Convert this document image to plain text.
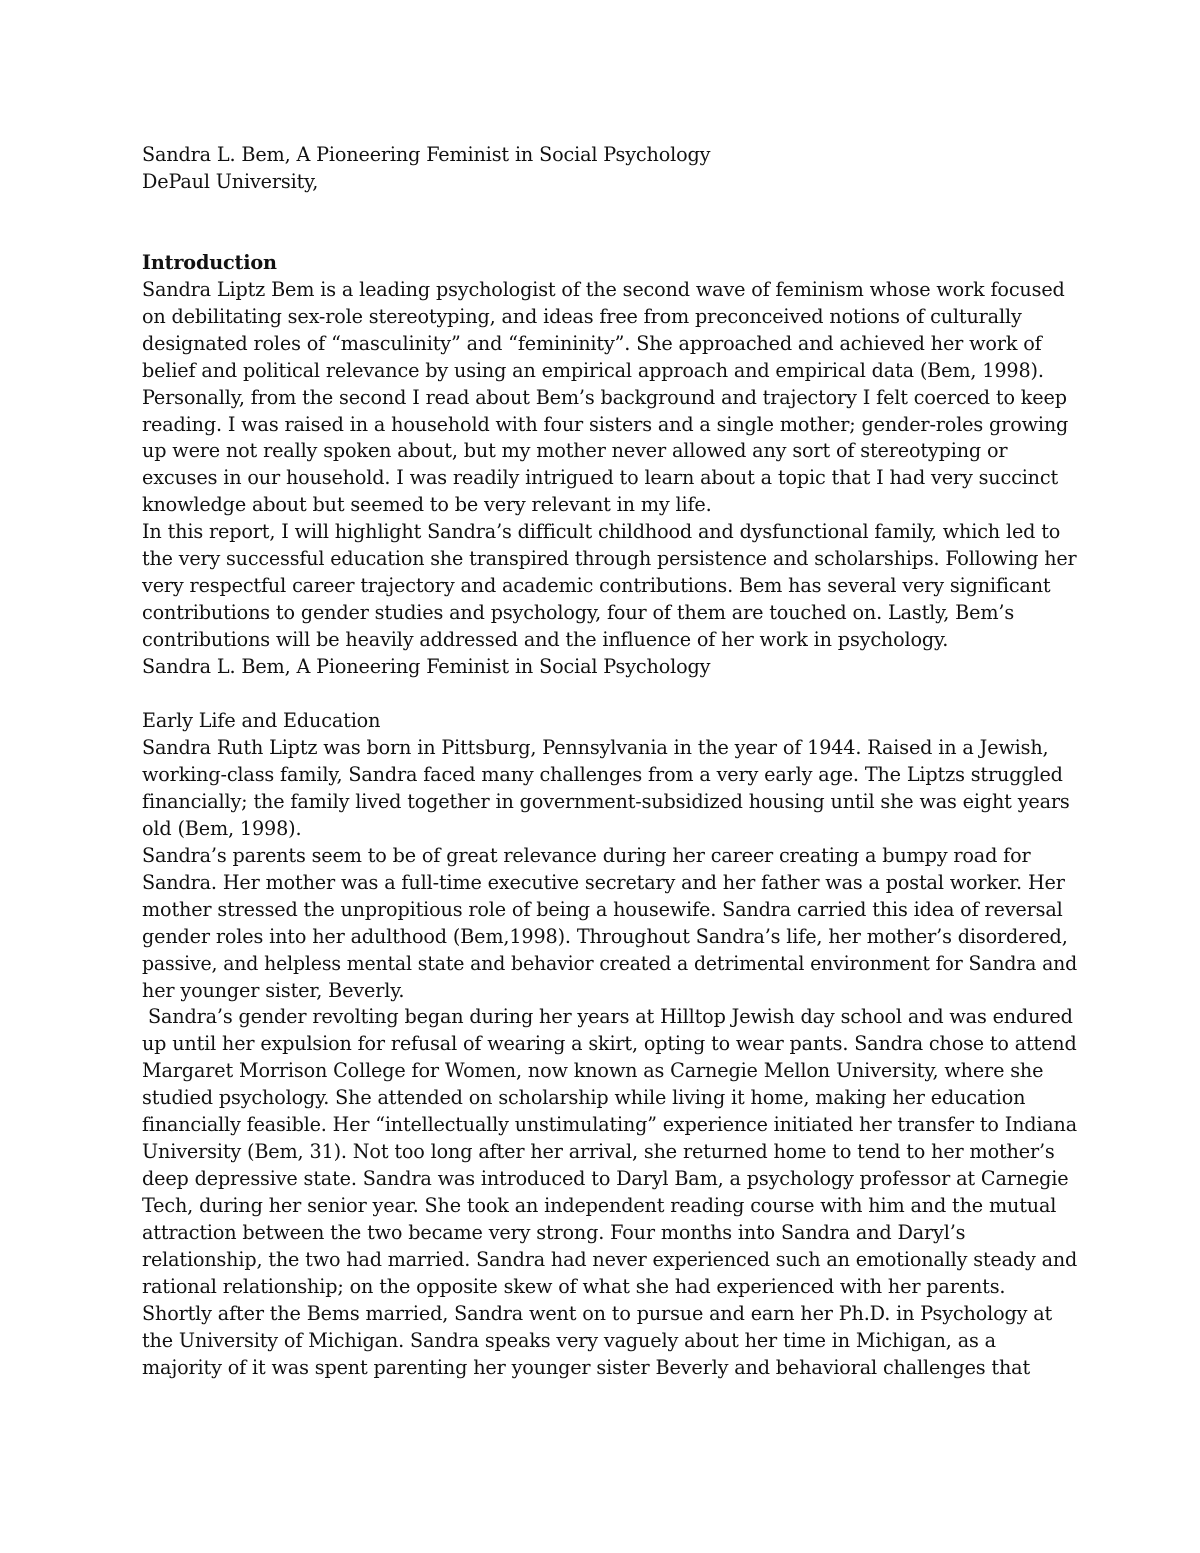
Sandra L. Bem, A Pioneering Feminist in Social Psychology
DePaul University,
Introduction
Sandra Liptz Bem is a leading psychologist of the second wave of feminism whose work focused
on debilitating sex-role stereotyping, and ideas free from preconceived notions of culturally
designated roles of “masculinity” and “femininity”. She approached and achieved her work of
belief and political relevance by using an empirical approach and empirical data (Bem, 1998).
Personally, from the second I read about Bem’s background and trajectory I felt coerced to keep
reading. I was raised in a household with four sisters and a single mother; gender-roles growing
up were not really spoken about, but my mother never allowed any sort of stereotyping or
excuses in our household. I was readily intrigued to learn about a topic that I had very succinct
knowledge about but seemed to be very relevant in my life.
In this report, I will highlight Sandra’s difficult childhood and dysfunctional family, which led to
the very successful education she transpired through persistence and scholarships. Following her
very respectful career trajectory and academic contributions. Bem has several very significant
contributions to gender studies and psychology, four of them are touched on. Lastly, Bem’s
contributions will be heavily addressed and the influence of her work in psychology.
Sandra L. Bem, A Pioneering Feminist in Social Psychology
Early Life and Education
Sandra Ruth Liptz was born in Pittsburg, Pennsylvania in the year of 1944. Raised in a Jewish,
working-class family, Sandra faced many challenges from a very early age. The Liptzs struggled
financially; the family lived together in government-subsidized housing until she was eight years
old (Bem, 1998).
Sandra’s parents seem to be of great relevance during her career creating a bumpy road for
Sandra. Her mother was a full-time executive secretary and her father was a postal worker. Her
mother stressed the unpropitious role of being a housewife. Sandra carried this idea of reversal
gender roles into her adulthood (Bem,1998). Throughout Sandra’s life, her mother’s disordered,
passive, and helpless mental state and behavior created a detrimental environment for Sandra and
her younger sister, Beverly.
Sandra’s gender revolting began during her years at Hilltop Jewish day school and was endured
up until her expulsion for refusal of wearing a skirt, opting to wear pants. Sandra chose to attend
Margaret Morrison College for Women, now known as Carnegie Mellon University, where she
studied psychology. She attended on scholarship while living it home, making her education
financially feasible. Her “intellectually unstimulating” experience initiated her transfer to Indiana
University (Bem, 31). Not too long after her arrival, she returned home to tend to her mother’s
deep depressive state. Sandra was introduced to Daryl Bam, a psychology professor at Carnegie
Tech, during her senior year. She took an independent reading course with him and the mutual
attraction between the two became very strong. Four months into Sandra and Daryl’s
relationship, the two had married. Sandra had never experienced such an emotionally steady and
rational relationship; on the opposite skew of what she had experienced with her parents.
Shortly after the Bems married, Sandra went on to pursue and earn her Ph.D. in Psychology at
the University of Michigan. Sandra speaks very vaguely about her time in Michigan, as a
majority of it was spent parenting her younger sister Beverly and behavioral challenges that
